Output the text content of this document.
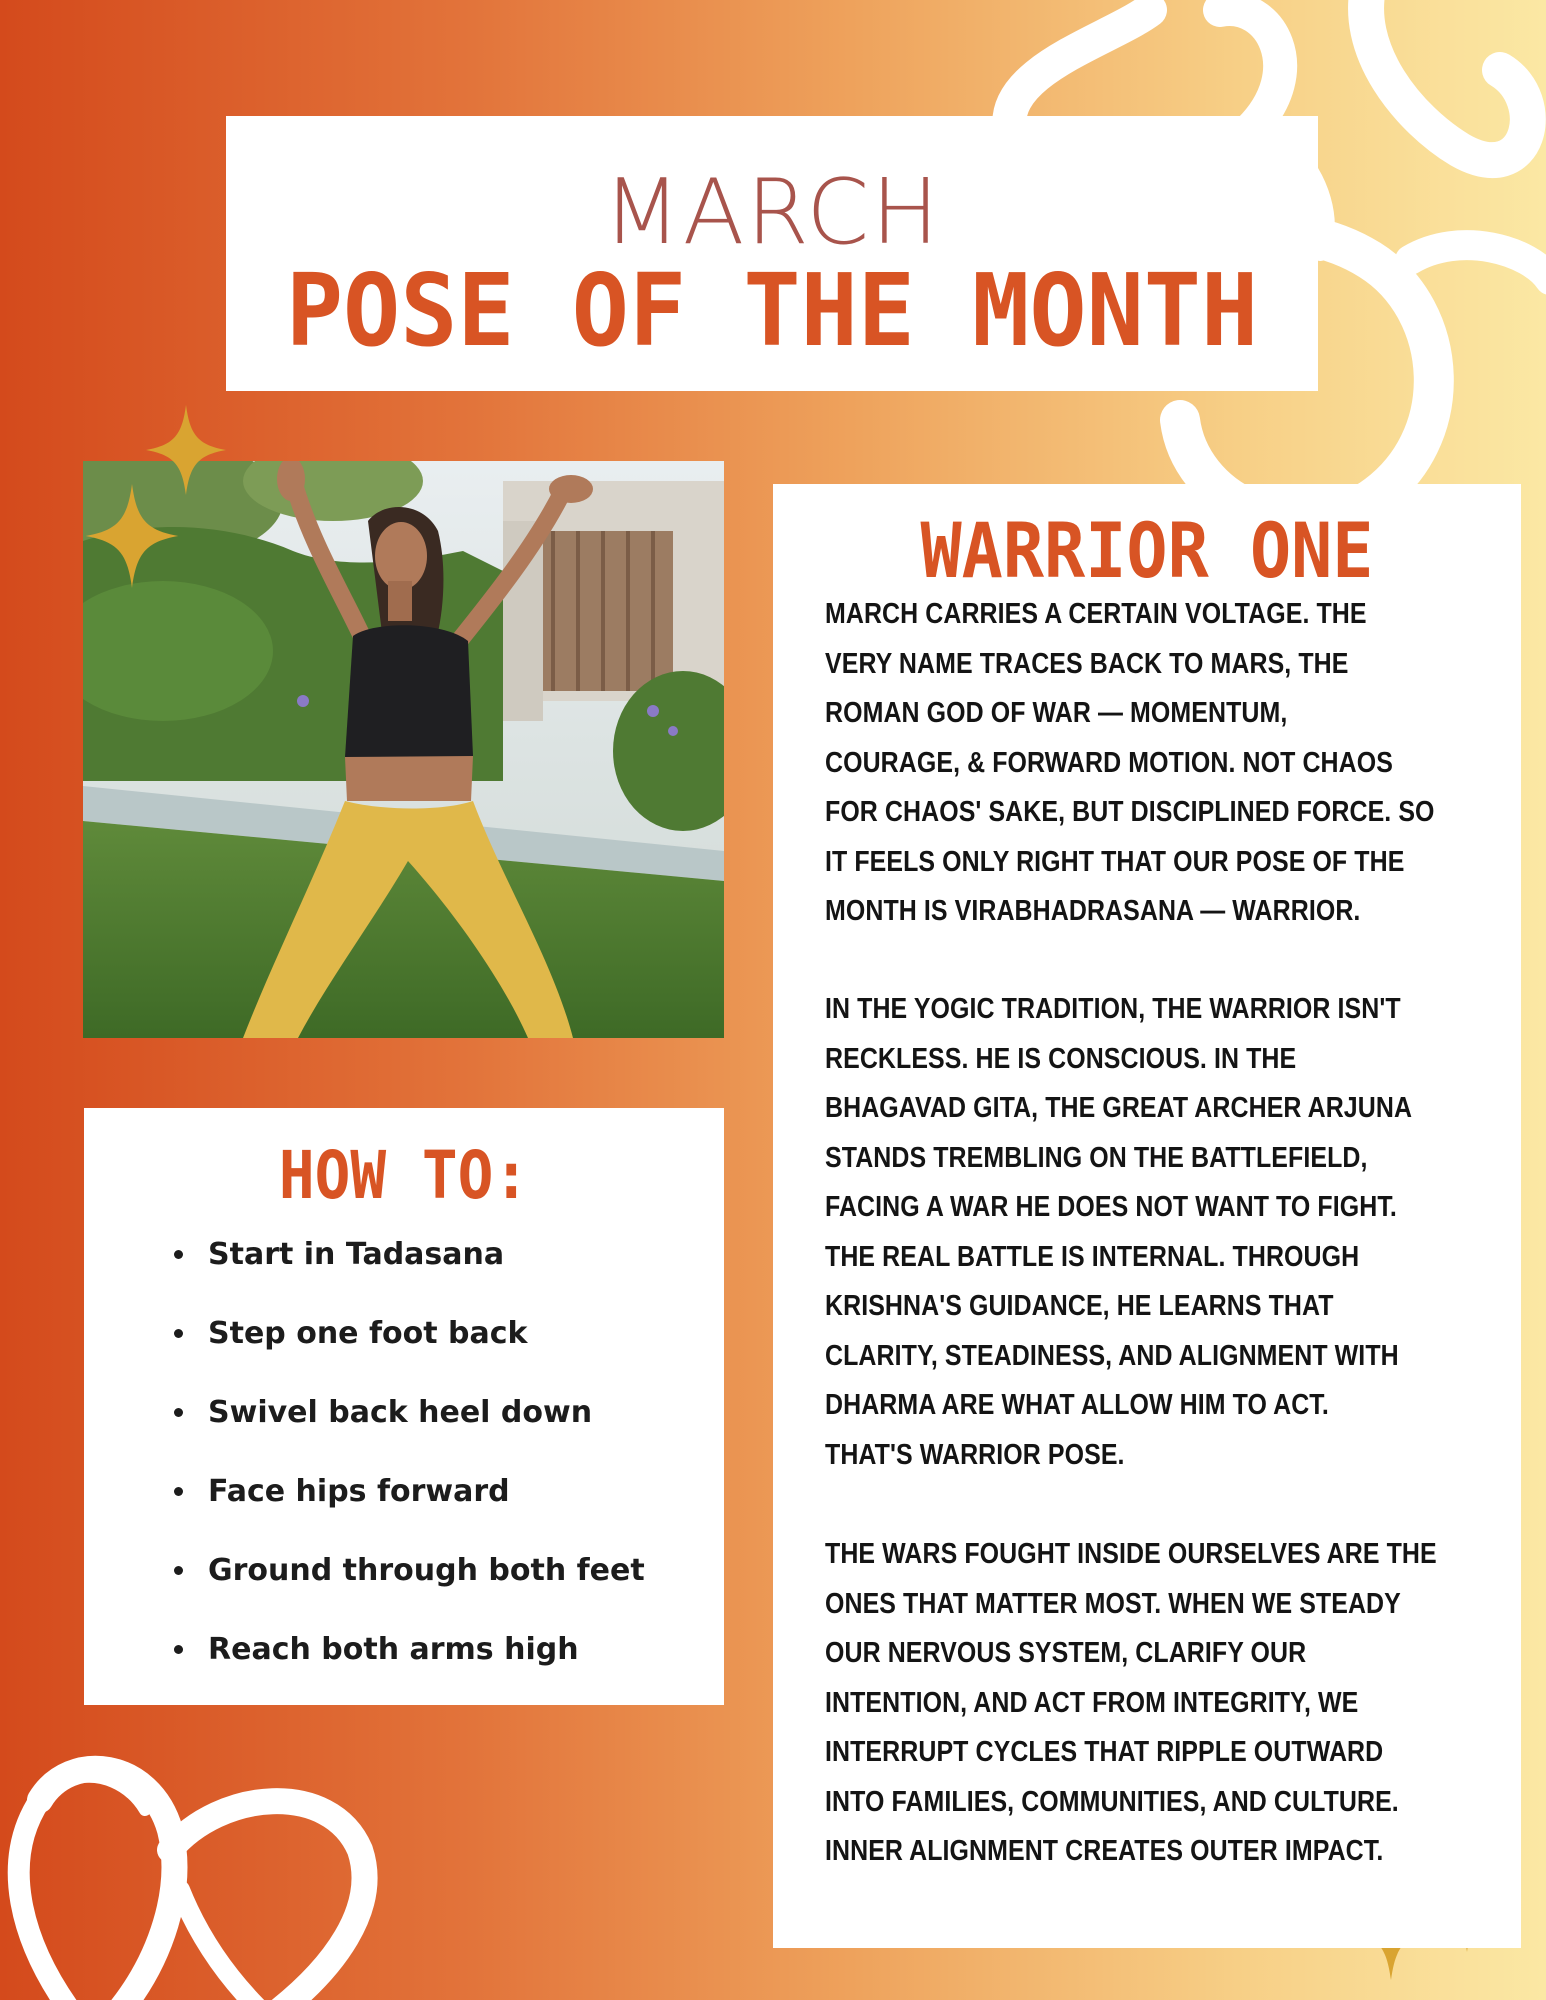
MARCH
POSE OF THE MONTH
HOW TO:
Start in Tadasana
Step one foot back
Swivel back heel down
Face hips forward
Ground through both feet
Reach both arms high
WARRIOR ONE
MARCH CARRIES A CERTAIN VOLTAGE. THE
VERY NAME TRACES BACK TO MARS, THE
ROMAN GOD OF WAR — MOMENTUM,
COURAGE, & FORWARD MOTION. NOT CHAOS
FOR CHAOS' SAKE, BUT DISCIPLINED FORCE. SO
IT FEELS ONLY RIGHT THAT OUR POSE OF THE
MONTH IS VIRABHADRASANA — WARRIOR.
IN THE YOGIC TRADITION, THE WARRIOR ISN'T
RECKLESS. HE IS CONSCIOUS. IN THE
BHAGAVAD GITA, THE GREAT ARCHER ARJUNA
STANDS TREMBLING ON THE BATTLEFIELD,
FACING A WAR HE DOES NOT WANT TO FIGHT.
THE REAL BATTLE IS INTERNAL. THROUGH
KRISHNA'S GUIDANCE, HE LEARNS THAT
CLARITY, STEADINESS, AND ALIGNMENT WITH
DHARMA ARE WHAT ALLOW HIM TO ACT.
THAT'S WARRIOR POSE.
THE WARS FOUGHT INSIDE OURSELVES ARE THE
ONES THAT MATTER MOST. WHEN WE STEADY
OUR NERVOUS SYSTEM, CLARIFY OUR
INTENTION, AND ACT FROM INTEGRITY, WE
INTERRUPT CYCLES THAT RIPPLE OUTWARD
INTO FAMILIES, COMMUNITIES, AND CULTURE.
INNER ALIGNMENT CREATES OUTER IMPACT.
